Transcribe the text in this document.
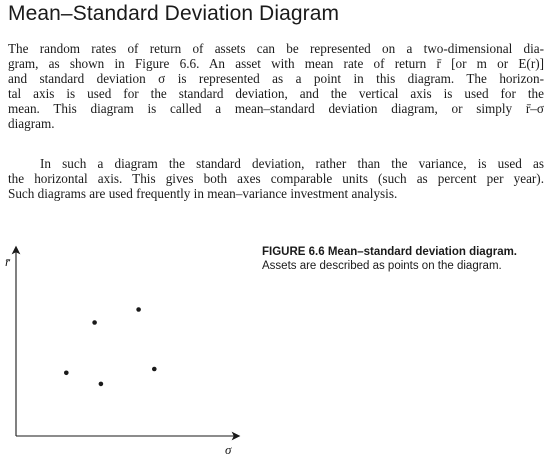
Mean–Standard Deviation Diagram

The random rates of return of assets can be represented on a two-dimensional dia-
gram, as shown in Figure 6.6. An asset with mean rate of return r̄ [or m or E(r)]
and standard deviation σ is represented as a point in this diagram. The horizon-
tal axis is used for the standard deviation, and the vertical axis is used for the
mean. This diagram is called a mean–standard deviation diagram, or simply r̄–σ
diagram.

In such a diagram the standard deviation, rather than the variance, is used as
the horizontal axis. This gives both axes comparable units (such as percent per year).
Such diagrams are used frequently in mean–variance investment analysis.

r̄
σ
FIGURE 6.6 Mean–standard deviation diagram.
Assets are described as points on the diagram.
